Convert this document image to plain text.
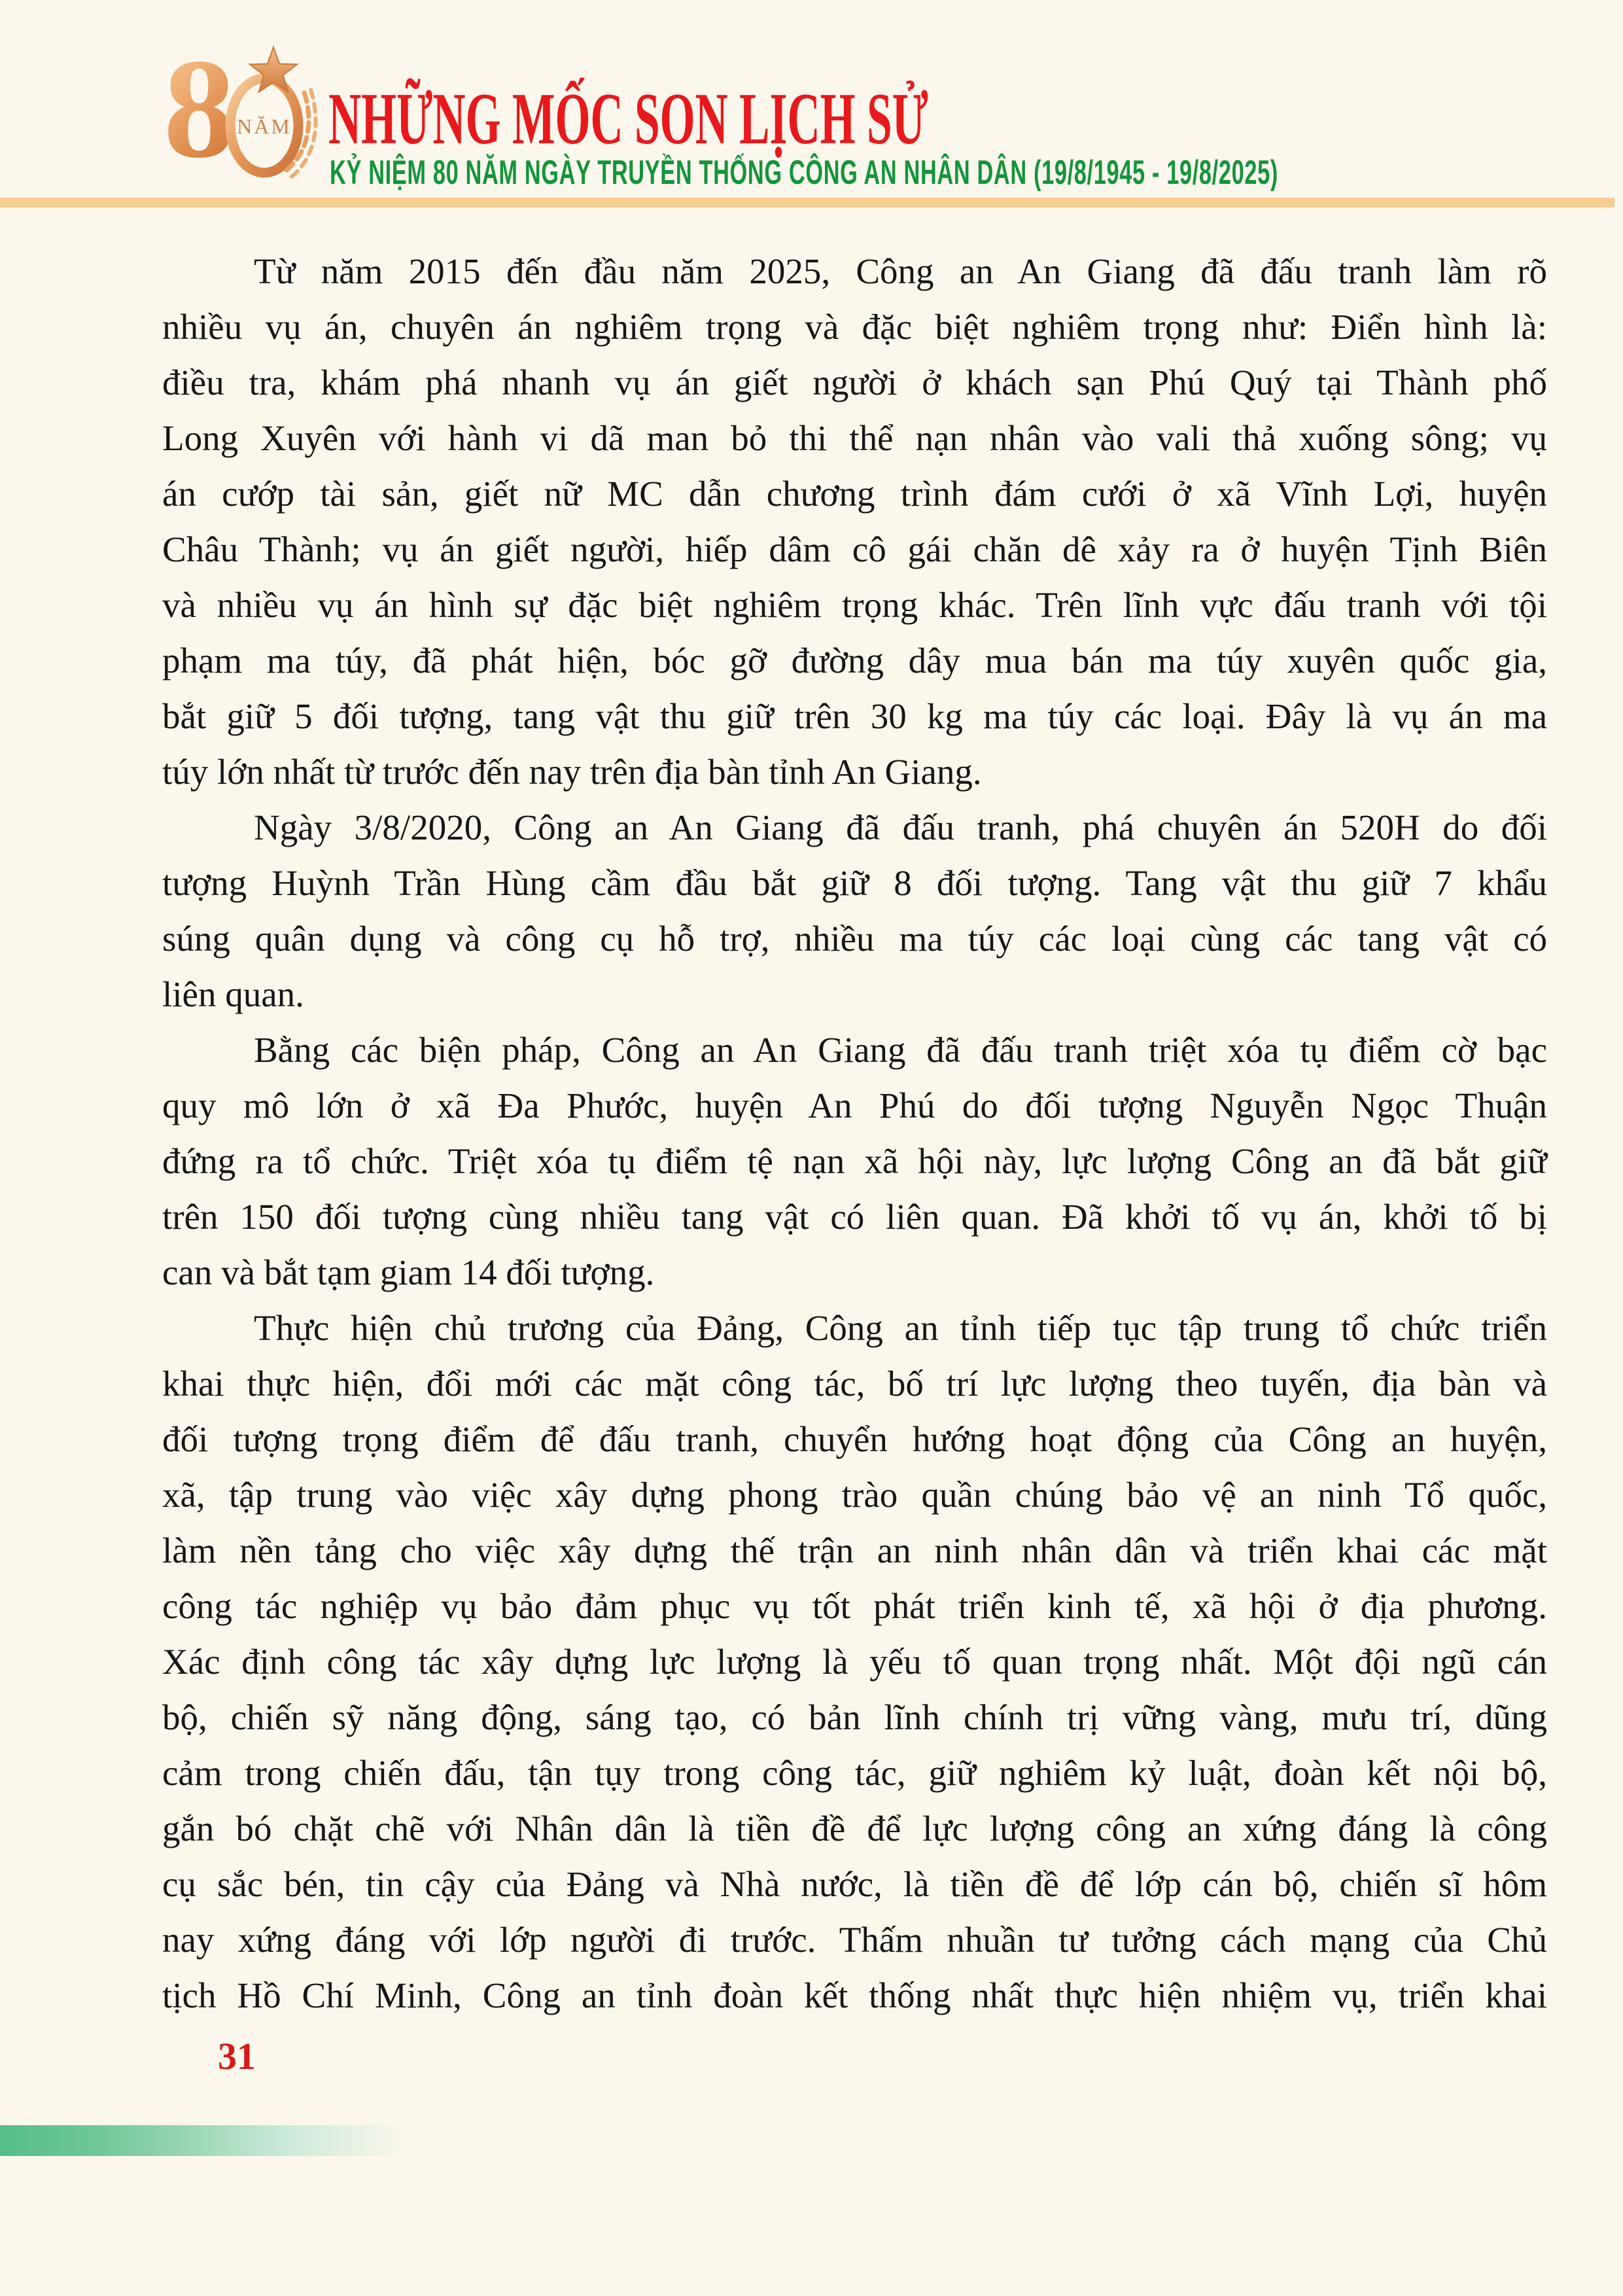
8 NĂM NHỮNG MỐC SON LỊCH SỬ
KỶ NIỆM 80 NĂM NGÀY TRUYỀN THỐNG CÔNG AN NHÂN DÂN (19/8/1945 - 19/8/2025)
Từ năm 2015 đến đầu năm 2025, Công an An Giang đã đấu tranh làm rõ
nhiều vụ án, chuyên án nghiêm trọng và đặc biệt nghiêm trọng như: Điển hình là:
điều tra, khám phá nhanh vụ án giết người ở khách sạn Phú Quý tại Thành phố
Long Xuyên với hành vi dã man bỏ thi thể nạn nhân vào vali thả xuống sông; vụ
án cướp tài sản, giết nữ MC dẫn chương trình đám cưới ở xã Vĩnh Lợi, huyện
Châu Thành; vụ án giết người, hiếp dâm cô gái chăn dê xảy ra ở huyện Tịnh Biên
và nhiều vụ án hình sự đặc biệt nghiêm trọng khác. Trên lĩnh vực đấu tranh với tội
phạm ma túy, đã phát hiện, bóc gỡ đường dây mua bán ma túy xuyên quốc gia,
bắt giữ 5 đối tượng, tang vật thu giữ trên 30 kg ma túy các loại. Đây là vụ án ma
túy lớn nhất từ trước đến nay trên địa bàn tỉnh An Giang.
Ngày 3/8/2020, Công an An Giang đã đấu tranh, phá chuyên án 520H do đối
tượng Huỳnh Trần Hùng cầm đầu bắt giữ 8 đối tượng. Tang vật thu giữ 7 khẩu
súng quân dụng và công cụ hỗ trợ, nhiều ma túy các loại cùng các tang vật có
liên quan.
Bằng các biện pháp, Công an An Giang đã đấu tranh triệt xóa tụ điểm cờ bạc
quy mô lớn ở xã Đa Phước, huyện An Phú do đối tượng Nguyễn Ngọc Thuận
đứng ra tổ chức. Triệt xóa tụ điểm tệ nạn xã hội này, lực lượng Công an đã bắt giữ
trên 150 đối tượng cùng nhiều tang vật có liên quan. Đã khởi tố vụ án, khởi tố bị
can và bắt tạm giam 14 đối tượng.
Thực hiện chủ trương của Đảng, Công an tỉnh tiếp tục tập trung tổ chức triển
khai thực hiện, đổi mới các mặt công tác, bố trí lực lượng theo tuyến, địa bàn và
đối tượng trọng điểm để đấu tranh, chuyển hướng hoạt động của Công an huyện,
xã, tập trung vào việc xây dựng phong trào quần chúng bảo vệ an ninh Tổ quốc,
làm nền tảng cho việc xây dựng thế trận an ninh nhân dân và triển khai các mặt
công tác nghiệp vụ bảo đảm phục vụ tốt phát triển kinh tế, xã hội ở địa phương.
Xác định công tác xây dựng lực lượng là yếu tố quan trọng nhất. Một đội ngũ cán
bộ, chiến sỹ năng động, sáng tạo, có bản lĩnh chính trị vững vàng, mưu trí, dũng
cảm trong chiến đấu, tận tụy trong công tác, giữ nghiêm kỷ luật, đoàn kết nội bộ,
gắn bó chặt chẽ với Nhân dân là tiền đề để lực lượng công an xứng đáng là công
cụ sắc bén, tin cậy của Đảng và Nhà nước, là tiền đề để lớp cán bộ, chiến sĩ hôm
nay xứng đáng với lớp người đi trước. Thấm nhuần tư tưởng cách mạng của Chủ
tịch Hồ Chí Minh, Công an tỉnh đoàn kết thống nhất thực hiện nhiệm vụ, triển khai
31
